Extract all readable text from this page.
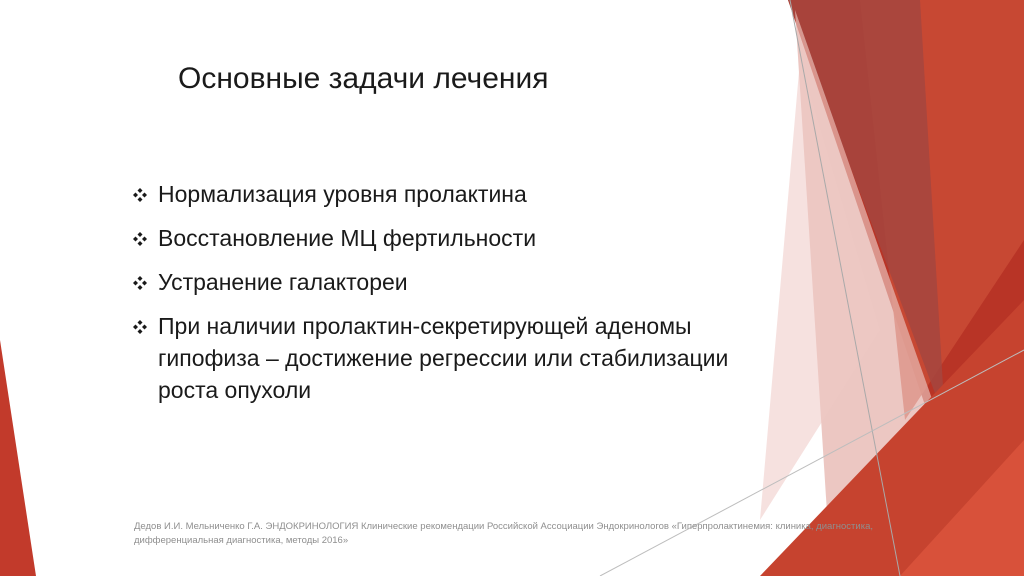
Основные задачи лечения
Нормализация уровня пролактина
Восстановление МЦ фертильности
Устранение галактореи
При наличии пролактин-секретирующей аденомы гипофиза – достижение регрессии или стабилизации роста опухоли
Дедов И.И. Мельниченко Г.А. ЭНДОКРИНОЛОГИЯ Клинические рекомендации Российской Ассоциации Эндокринологов «Гиперпролактинемия: клиника, диагностика, дифференциальная диагностика, методы 2016»
